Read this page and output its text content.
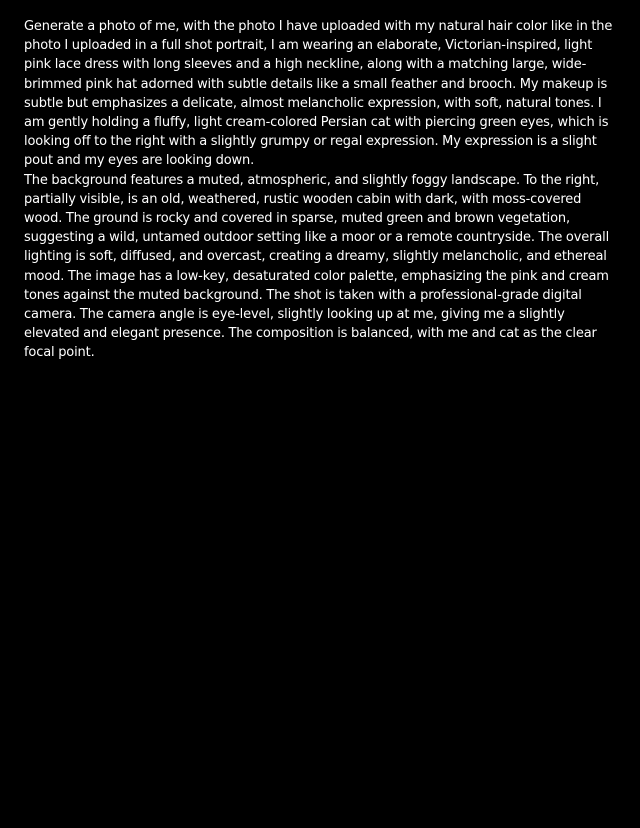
Generate a photo of me, with the photo I have uploaded with my natural hair color like in the photo I uploaded in a full shot portrait, I am wearing an elaborate, Victorian-inspired, light pink lace dress with long sleeves and a high neckline, along with a matching large, wide-brimmed pink hat adorned with subtle details like a small feather and brooch. My makeup is subtle but emphasizes a delicate, almost melancholic expression, with soft, natural tones. I am gently holding a fluffy, light cream-colored Persian cat with piercing green eyes, which is looking off to the right with a slightly grumpy or regal expression. My expression is a slight pout and my eyes are looking down.

The background features a muted, atmospheric, and slightly foggy landscape. To the right, partially visible, is an old, weathered, rustic wooden cabin with dark, with moss-covered wood. The ground is rocky and covered in sparse, muted green and brown vegetation, suggesting a wild, untamed outdoor setting like a moor or a remote countryside. The overall lighting is soft, diffused, and overcast, creating a dreamy, slightly melancholic, and ethereal mood. The image has a low-key, desaturated color palette, emphasizing the pink and cream tones against the muted background. The shot is taken with a professional-grade digital camera. The camera angle is eye-level, slightly looking up at me, giving me a slightly elevated and elegant presence. The composition is balanced, with me and cat as the clear focal point.
